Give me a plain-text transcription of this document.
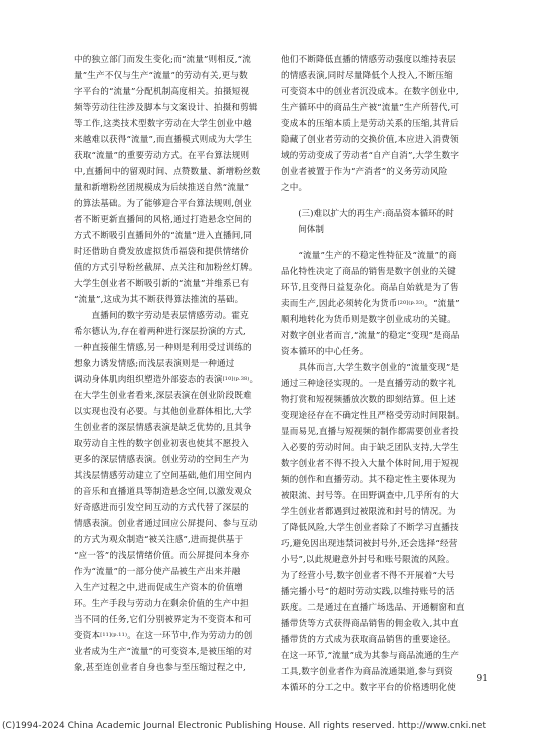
中的独立部门而发生变化;而“流量”则相反,“流
量”生产不仅与生产“流量”的劳动有关,更与数
字平台的“流量”分配机制高度相关。拍摄短视
频等劳动往往涉及脚本与文案设计、拍摄和剪辑
等工作,这类技术型数字劳动在大学生创业中越
来越难以获得“流量”,而直播模式则成为大学生
获取“流量”的重要劳动方式。在平台算法规则
中,直播间中的留观时间、点赞数量、新增粉丝数
量和新增粉丝团规模成为后续推送自然“流量”
的算法基础。为了能够迎合平台算法规则,创业
者不断更新直播间的风格,通过打造悬念空间的
方式不断吸引直播间外的“流量”进入直播间,同
时还借助自费发放虚拟货币福袋和提供情绪价
值的方式引导粉丝截屏、点关注和加粉丝灯牌。
大学生创业者不断吸引新的“流量”并维系已有
“流量”,这成为其不断获得算法推流的基础。
　　直播间的数字劳动是表层情感劳动。霍克
希尔德认为,存在着两种进行深层扮演的方式,
一种直接催生情感,另一种则是利用受过训练的
想象力诱发情感;而浅层表演则是一种通过
调动身体肌肉组织塑造外部姿态的表演$^{[10](p.38)}$。
在大学生创业者看来,深层表演在创业阶段既难
以实现也没有必要。与其他创业群体相比,大学
生创业者的深层情感表演是缺乏优势的,且其争
取劳动自主性的数字创业初衷也使其不愿投入
更多的深层情感表演。创业劳动的空间生产为
其浅层情感劳动建立了空间基础,他们用空间内
的音乐和直播道具等制造悬念空间,以激发观众
好奇感进而引发空间互动的方式代替了深层的
情感表演。创业者通过回应公屏提问、参与互动
的方式为观众制造“被关注感”,进而提供基于
“应一答”的浅层情绪价值。而公屏提问本身亦
作为“流量”的一部分使产品被生产出来并融
入生产过程之中,进而促成生产资本的价值增
环。生产手段与劳动力在剩余价值的生产中担
当不同的任务,它们分别被界定为不变资本和可
变资本$^{[11](p.11)}$。在这一环节中,作为劳动力的创
业者成为生产“流量”的可变资本,是被压缩的对
象,甚至连创业者自身也参与至压缩过程之中,
他们不断降低直播的情感劳动强度以维持表层
的情感表演,同时尽量降低个人投入,不断压缩
可变资本中的创业者沉没成本。在数字创业中,
生产循环中的商品生产被“流量”生产所替代,可
变成本的压缩本质上是劳动关系的压缩,其背后
隐藏了创业者劳动的交换价值,本应进入消费领
域的劳动变成了劳动者“自产自消”,大学生数字
创业者被置于作为“产消者”的义务劳动风险
之中。
　　(三)难以扩大的再生产:商品资本循环的时
　　间体制
　　“流量”生产的不稳定性特征及“流量”的商
品化特性决定了商品的销售是数字创业的关键
环节,且变得日益复杂化。商品自始就是为了售
卖而生产,因此必须转化为货币$^{[20](p.33)}$。“流量”
顺利地转化为货币则是数字创业成功的关键。
对数字创业者而言,“流量”的稳定“变现”是商品
资本循环的中心任务。
　　具体而言,大学生数字创业的“流量变现”是
通过三种途径实现的。一是直播劳动的数字礼
物打赏和短视频播放次数的即刻结算。但上述
变现途径存在不确定性且严格受劳动时间限制。
显而易见,直播与短视频的制作都需要创业者投
入必要的劳动时间。由于缺乏团队支持,大学生
数字创业者不得不投入大量个体时间,用于短视
频的创作和直播劳动。其不稳定性主要体现为
被限流、封号等。在田野调查中,几乎所有的大
学生创业者都遇到过被限流和封号的情况。为
了降低风险,大学生创业者除了不断学习直播技
巧,避免因出现违禁词被封号外,还会选择“经营
小号”,以此规避意外封号和账号限流的风险。
为了经营小号,数字创业者不得不开展着“大号
播完播小号”的超时劳动实践,以维持账号的活
跃度。二是通过在直播广场选品、开通橱窗和直
播带货等方式获得商品销售的佣金收入,其中直
播带货的方式成为获取商品销售的重要途径。
在这一环节,“流量”成为其参与商品流通的生产
工具,数字创业者作为商品流通渠道,参与到资
本循环的分工之中。数字平台的价格透明化使
91
(C)1994-2024 China Academic Journal Electronic Publishing House. All rights reserved. http://www.cnki.net
